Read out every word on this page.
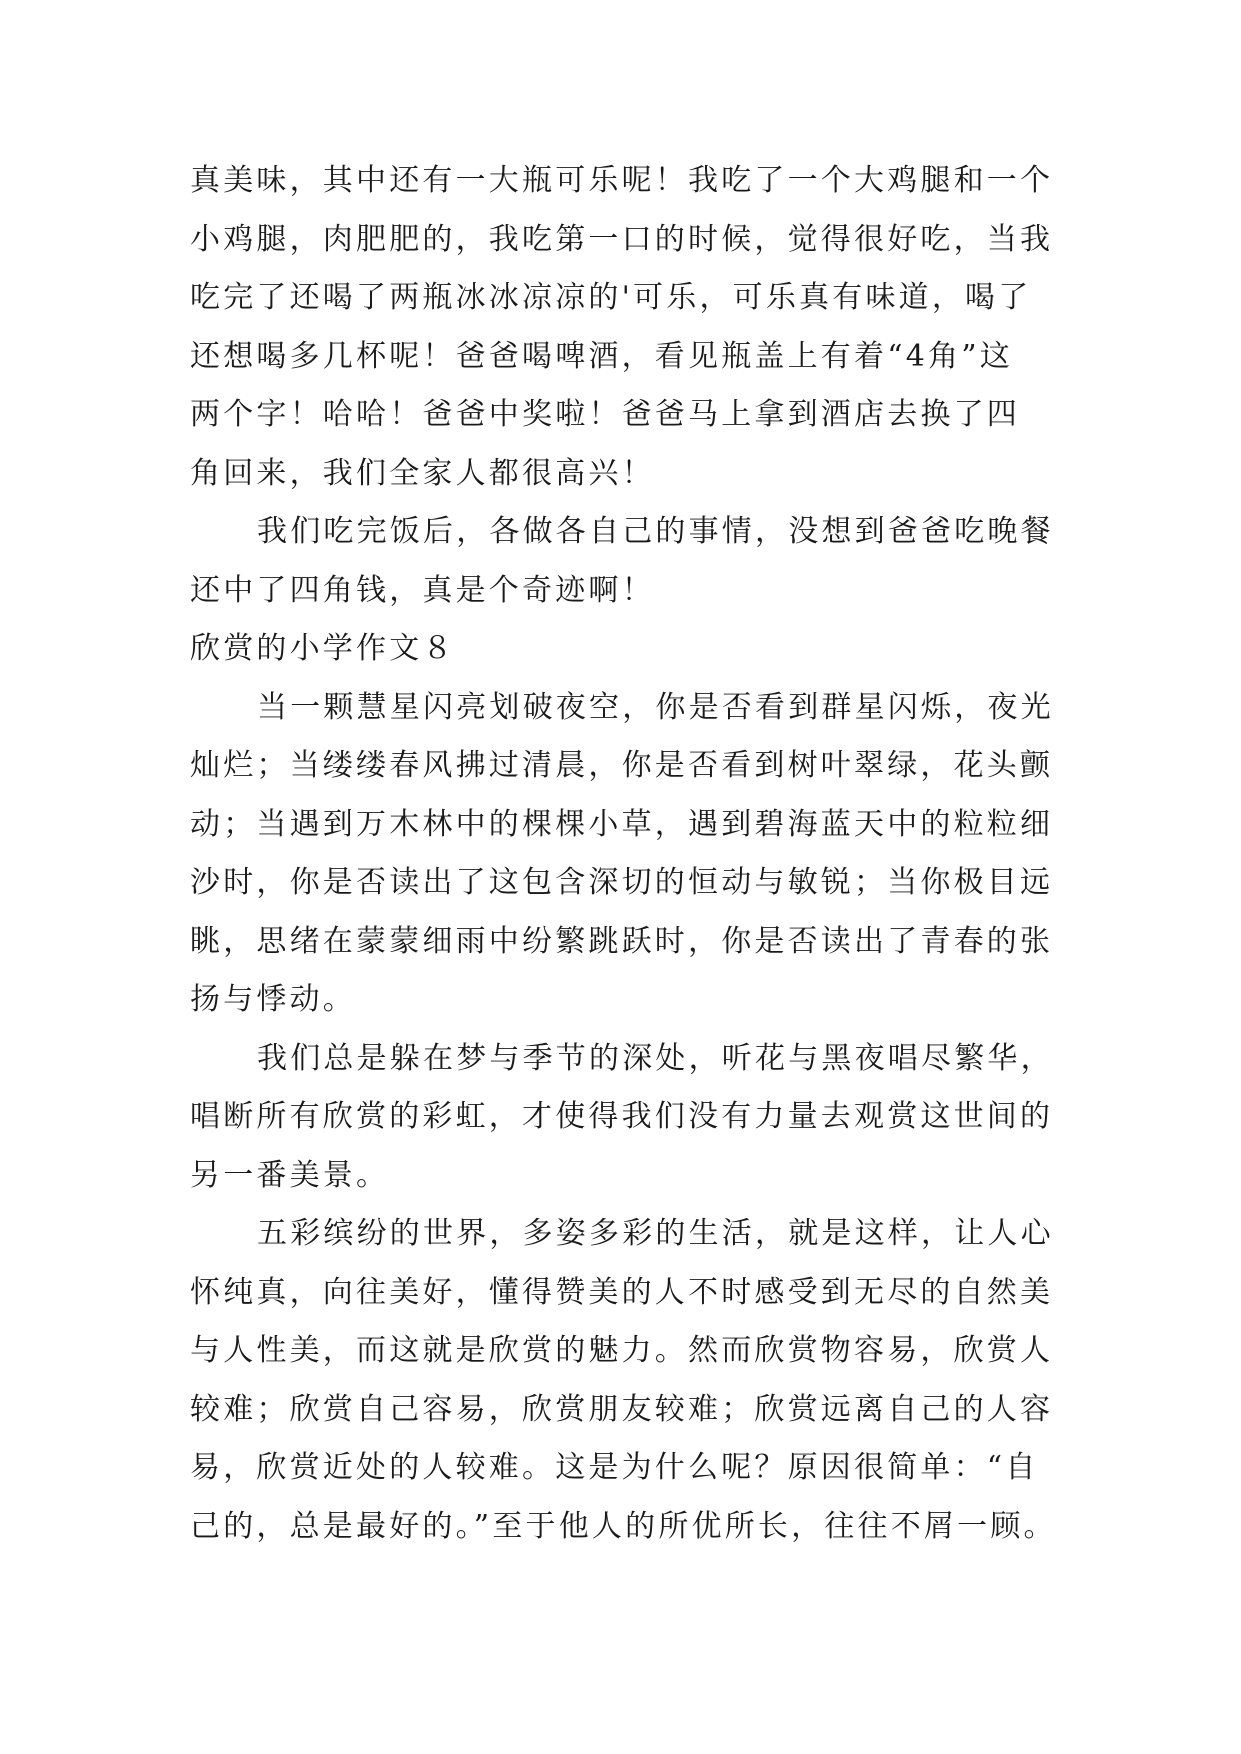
真美味，其中还有一大瓶可乐呢！我吃了一个大鸡腿和一个
小鸡腿，肉肥肥的，我吃第一口的时候，觉得很好吃，当我
吃完了还喝了两瓶冰冰凉凉的'可乐，可乐真有味道，喝了
还想喝多几杯呢！爸爸喝啤酒，看见瓶盖上有着“4角”这
两个字！哈哈！爸爸中奖啦！爸爸马上拿到酒店去换了四
角回来，我们全家人都很高兴！
我们吃完饭后，各做各自己的事情，没想到爸爸吃晚餐
还中了四角钱，真是个奇迹啊！
欣赏的小学作文８
当一颗慧星闪亮划破夜空，你是否看到群星闪烁，夜光
灿烂；当缕缕春风拂过清晨，你是否看到树叶翠绿，花头颤
动；当遇到万木林中的棵棵小草，遇到碧海蓝天中的粒粒细
沙时，你是否读出了这包含深切的恒动与敏锐；当你极目远
眺，思绪在蒙蒙细雨中纷繁跳跃时，你是否读出了青春的张
扬与悸动。
我们总是躲在梦与季节的深处，听花与黑夜唱尽繁华，
唱断所有欣赏的彩虹，才使得我们没有力量去观赏这世间的
另一番美景。
五彩缤纷的世界，多姿多彩的生活，就是这样，让人心
怀纯真，向往美好，懂得赞美的人不时感受到无尽的自然美
与人性美，而这就是欣赏的魅力。然而欣赏物容易，欣赏人
较难；欣赏自己容易，欣赏朋友较难；欣赏远离自己的人容
易，欣赏近处的人较难。这是为什么呢？原因很简单：“自
己的，总是最好的。”至于他人的所优所长，往往不屑一顾。
